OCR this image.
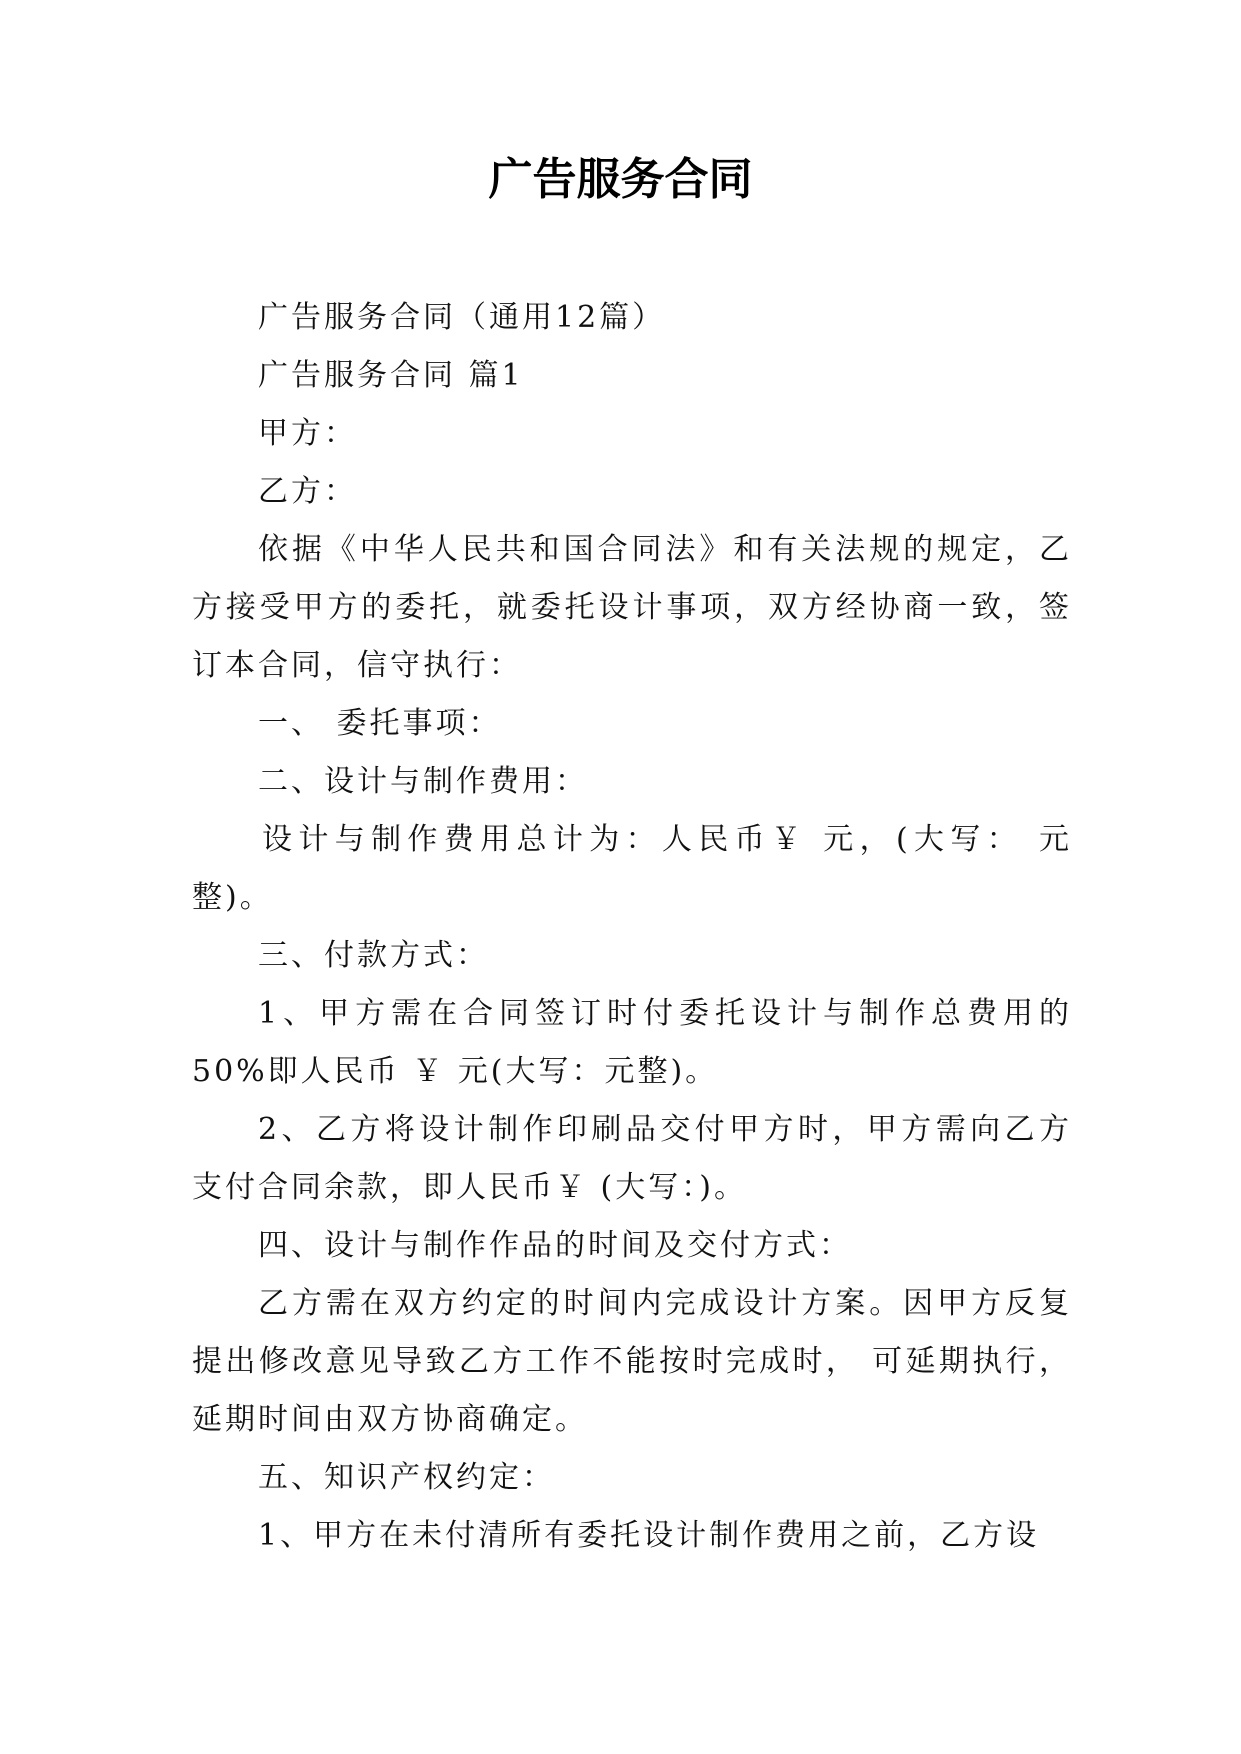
广告服务合同

广告服务合同（通用12篇）

广告服务合同 篇1

甲方：

乙方：

依据《中华人民共和国合同法》和有关法规的规定，乙方接受甲方的委托，就委托设计事项，双方经协商一致，签订本合同，信守执行：

一、 委托事项：

二、设计与制作费用：

设计与制作费用总计为：人民币￥ 元，(大写： 元整)。

三、付款方式：

1、甲方需在合同签订时付委托设计与制作总费用的50%即人民币 ￥ 元(大写：元整)。

2、乙方将设计制作印刷品交付甲方时，甲方需向乙方支付合同余款，即人民币￥ (大写：)。

四、设计与制作作品的时间及交付方式：

乙方需在双方约定的时间内完成设计方案。因甲方反复提出修改意见导致乙方工作不能按时完成时， 可延期执行，延期时间由双方协商确定。

五、知识产权约定：

1、甲方在未付清所有委托设计制作费用之前，乙方设
